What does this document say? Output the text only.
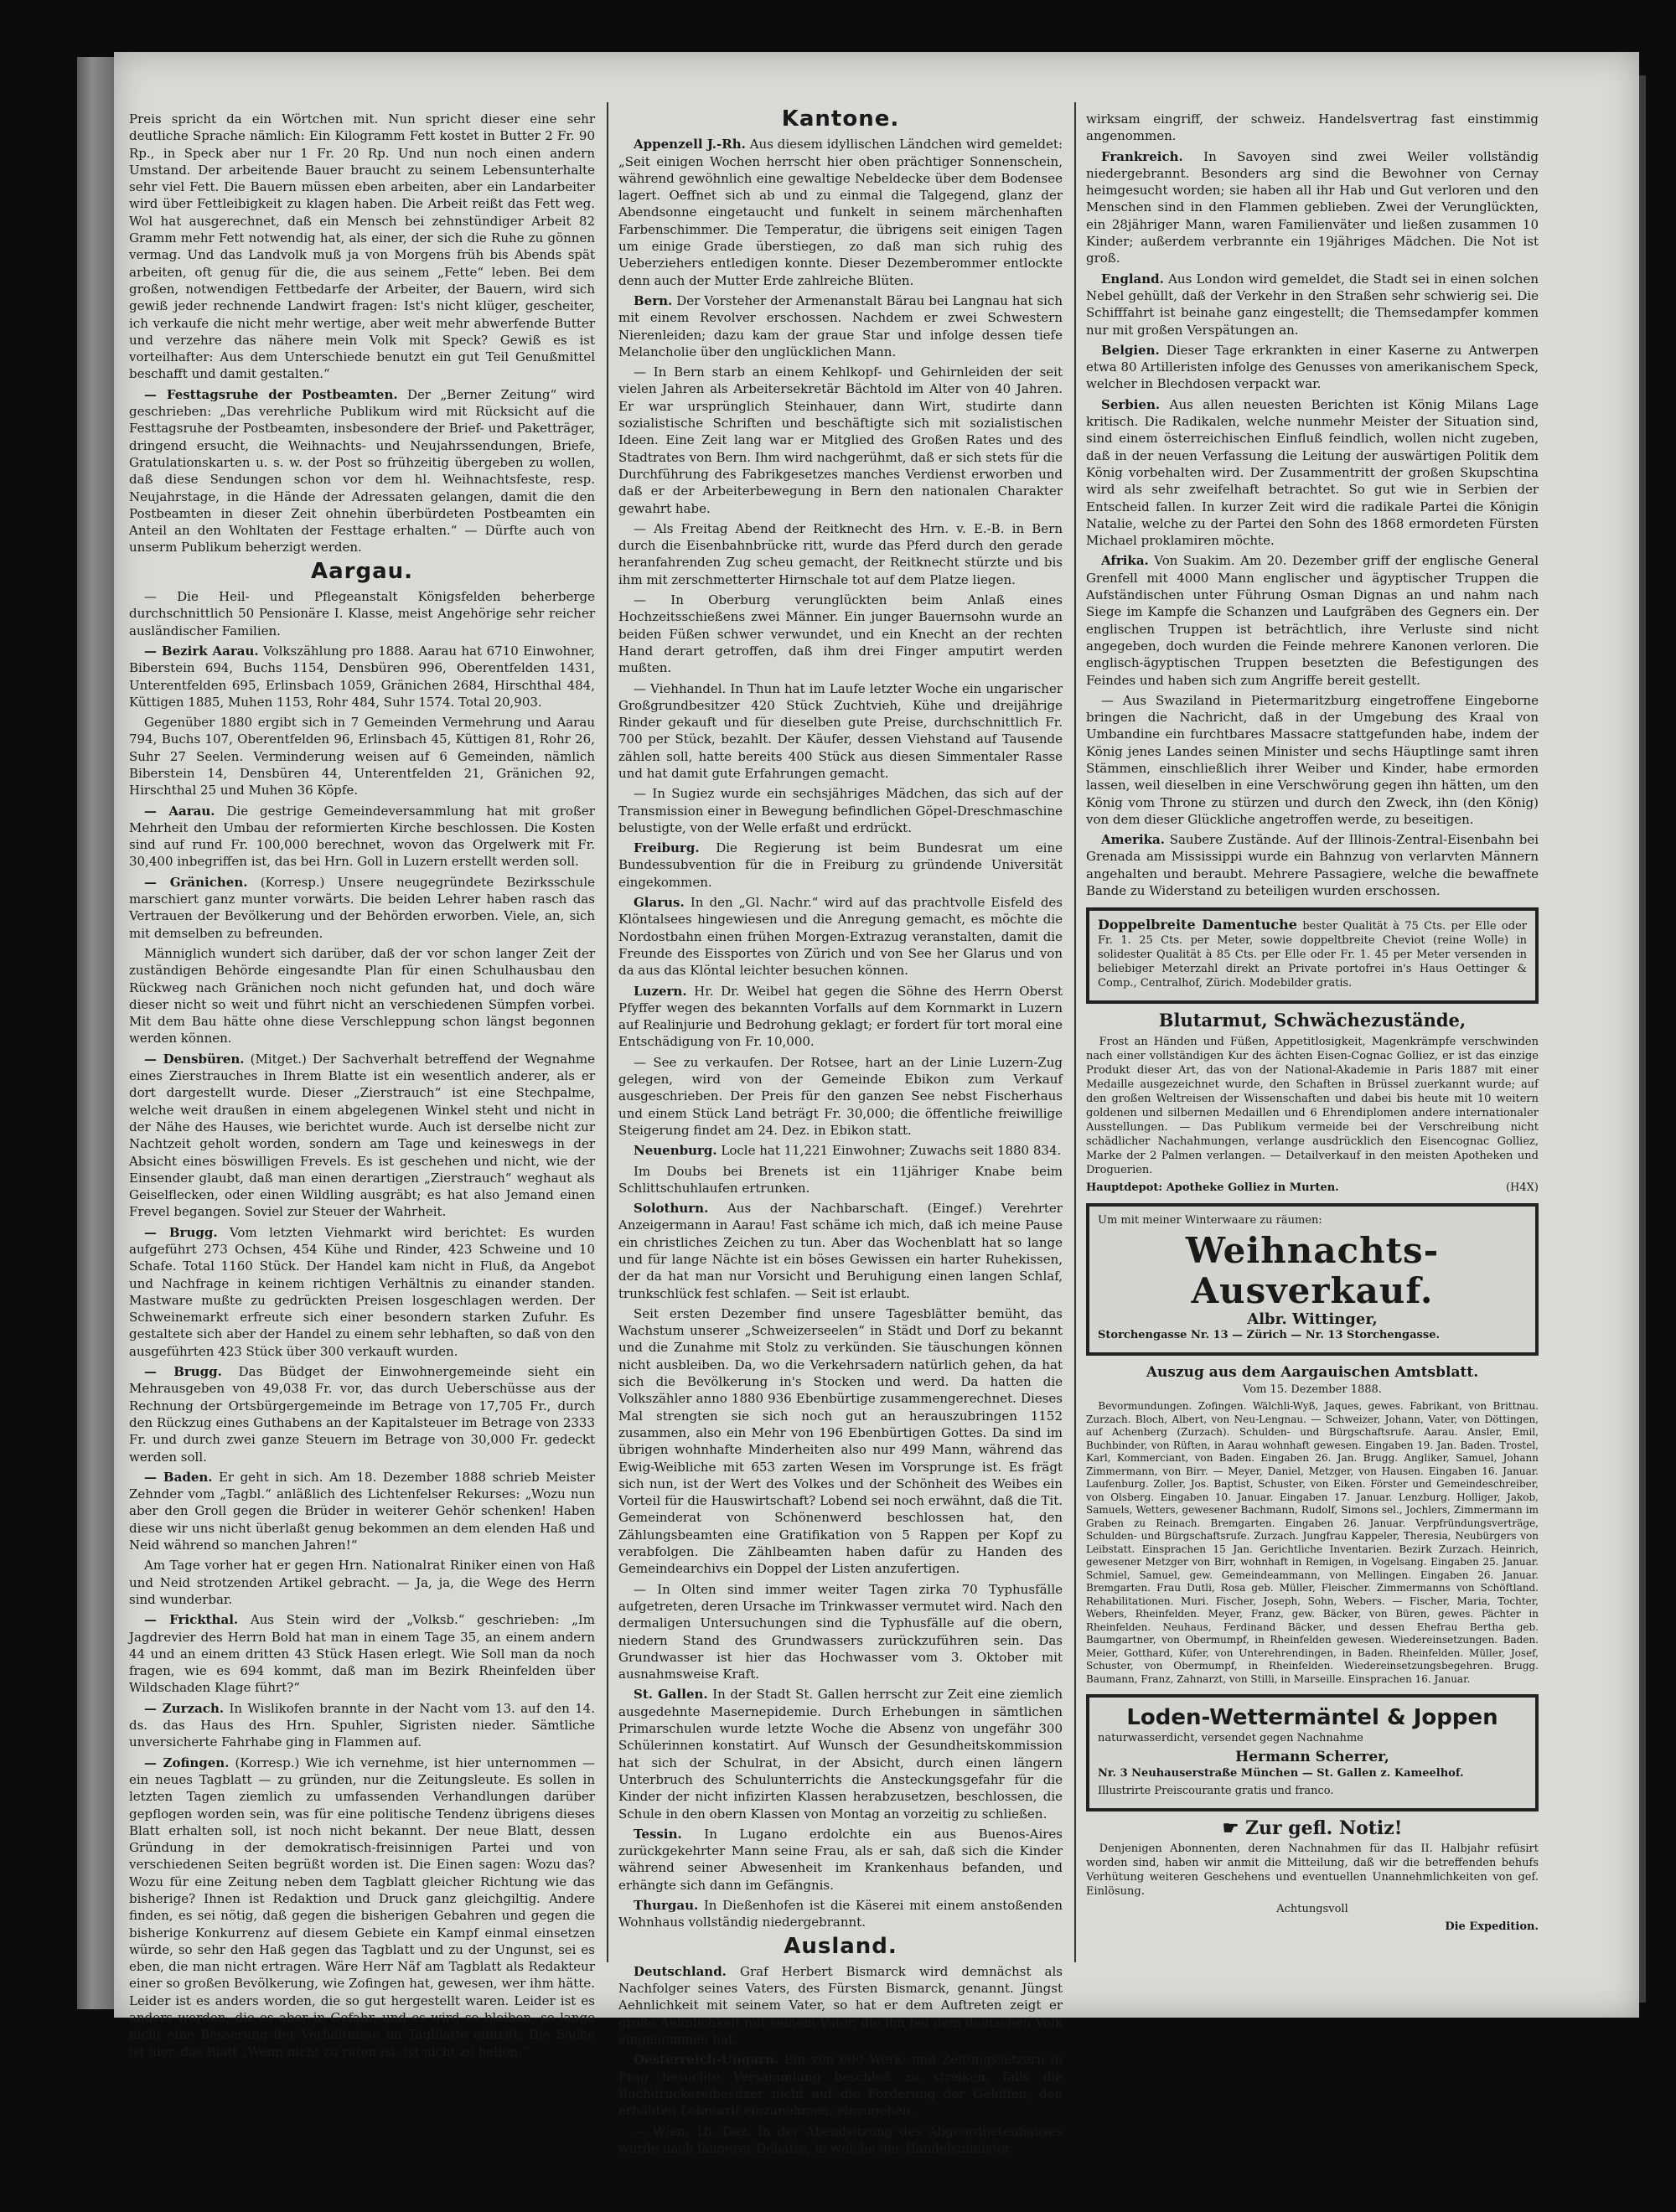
Preis spricht da ein Wörtchen mit. Nun spricht dieser eine sehr deutliche Sprache nämlich: Ein Kilogramm Fett kostet in Butter 2 Fr. 90 Rp., in Speck aber nur 1 Fr. 20 Rp. Und nun noch einen andern Umstand. Der arbeitende Bauer braucht zu seinem Lebensunterhalte sehr viel Fett. Die Bauern müssen eben arbeiten, aber ein Landarbeiter wird über Fettleibigkeit zu klagen haben. Die Arbeit reißt das Fett weg. Wol hat ausgerechnet, daß ein Mensch bei zehnstündiger Arbeit 82 Gramm mehr Fett notwendig hat, als einer, der sich die Ruhe zu gönnen vermag. Und das Landvolk muß ja von Morgens früh bis Abends spät arbeiten, oft genug für die, die aus seinem „Fette“ leben. Bei dem großen, notwendigen Fettbedarfe der Arbeiter, der Bauern, wird sich gewiß jeder rechnende Landwirt fragen: Ist's nicht klüger, gescheiter, ich verkaufe die nicht mehr wertige, aber weit mehr abwerfende Butter und verzehre das nähere mein Volk mit Speck? Gewiß es ist vorteilhafter: Aus dem Unterschiede benutzt ein gut Teil Genußmittel beschafft und damit gestalten.“

— Festtagsruhe der Postbeamten. Der „Berner Zeitung“ wird geschrieben: „Das verehrliche Publikum wird mit Rücksicht auf die Festtagsruhe der Postbeamten, insbesondere der Brief- und Paketträger, dringend ersucht, die Weihnachts- und Neujahrssendungen, Briefe, Gratulationskarten u. s. w. der Post so frühzeitig übergeben zu wollen, daß diese Sendungen schon vor dem hl. Weihnachtsfeste, resp. Neujahrstage, in die Hände der Adressaten gelangen, damit die den Postbeamten in dieser Zeit ohnehin überbürdeten Postbeamten ein Anteil an den Wohltaten der Festtage erhalten.“ — Dürfte auch von unserm Publikum beherzigt werden.

Aargau.

— Die Heil- und Pflegeanstalt Königsfelden beherberge durchschnittlich 50 Pensionäre I. Klasse, meist Angehörige sehr reicher ausländischer Familien.

— Bezirk Aarau. Volkszählung pro 1888. Aarau hat 6710 Einwohner, Biberstein 694, Buchs 1154, Densbüren 996, Oberentfelden 1431, Unterentfelden 695, Erlinsbach 1059, Gränichen 2684, Hirschthal 484, Küttigen 1885, Muhen 1153, Rohr 484, Suhr 1574. Total 20,903.

Gegenüber 1880 ergibt sich in 7 Gemeinden Vermehrung und Aarau 794, Buchs 107, Oberentfelden 96, Erlinsbach 45, Küttigen 81, Rohr 26, Suhr 27 Seelen. Verminderung weisen auf 6 Gemeinden, nämlich Biberstein 14, Densbüren 44, Unterentfelden 21, Gränichen 92, Hirschthal 25 und Muhen 36 Köpfe.

— Aarau. Die gestrige Gemeindeversammlung hat mit großer Mehrheit den Umbau der reformierten Kirche beschlossen. Die Kosten sind auf rund Fr. 100,000 berechnet, wovon das Orgelwerk mit Fr. 30,400 inbegriffen ist, das bei Hrn. Goll in Luzern erstellt werden soll.

— Gränichen. (Korresp.) Unsere neugegründete Bezirksschule marschiert ganz munter vorwärts. Die beiden Lehrer haben rasch das Vertrauen der Bevölkerung und der Behörden erworben. Viele, an, sich mit demselben zu befreunden.

Männiglich wundert sich darüber, daß der vor schon langer Zeit der zuständigen Behörde eingesandte Plan für einen Schulhausbau den Rückweg nach Gränichen noch nicht gefunden hat, und doch wäre dieser nicht so weit und führt nicht an verschiedenen Sümpfen vorbei. Mit dem Bau hätte ohne diese Verschleppung schon längst begonnen werden können.

— Densbüren. (Mitget.) Der Sachverhalt betreffend der Wegnahme eines Zierstrauches in Ihrem Blatte ist ein wesentlich anderer, als er dort dargestellt wurde. Dieser „Zierstrauch“ ist eine Stechpalme, welche weit draußen in einem abgelegenen Winkel steht und nicht in der Nähe des Hauses, wie berichtet wurde. Auch ist derselbe nicht zur Nachtzeit geholt worden, sondern am Tage und keineswegs in der Absicht eines böswilligen Frevels. Es ist geschehen und nicht, wie der Einsender glaubt, daß man einen derartigen „Zierstrauch“ weghaut als Geiselflecken, oder einen Wildling ausgräbt; es hat also Jemand einen Frevel begangen. Soviel zur Steuer der Wahrheit.

— Brugg. Vom letzten Viehmarkt wird berichtet: Es wurden aufgeführt 273 Ochsen, 454 Kühe und Rinder, 423 Schweine und 10 Schafe. Total 1160 Stück. Der Handel kam nicht in Fluß, da Angebot und Nachfrage in keinem richtigen Verhältnis zu einander standen. Mastware mußte zu gedrückten Preisen losgeschlagen werden. Der Schweinemarkt erfreute sich einer besondern starken Zufuhr. Es gestaltete sich aber der Handel zu einem sehr lebhaften, so daß von den ausgeführten 423 Stück über 300 verkauft wurden.

— Brugg. Das Büdget der Einwohnergemeinde sieht ein Mehrausgeben von 49,038 Fr. vor, das durch Ueberschüsse aus der Rechnung der Ortsbürgergemeinde im Betrage von 17,705 Fr., durch den Rückzug eines Guthabens an der Kapitalsteuer im Betrage von 2333 Fr. und durch zwei ganze Steuern im Betrage von 30,000 Fr. gedeckt werden soll.

— Baden. Er geht in sich. Am 18. Dezember 1888 schrieb Meister Zehnder vom „Tagbl.“ anläßlich des Lichtenfelser Rekurses: „Wozu nun aber den Groll gegen die Brüder in weiterer Gehör schenken! Haben diese wir uns nicht überlaßt genug bekommen an dem elenden Haß und Neid während so manchen Jahren!“

Am Tage vorher hat er gegen Hrn. Nationalrat Riniker einen von Haß und Neid strotzenden Artikel gebracht. — Ja, ja, die Wege des Herrn sind wunderbar.

— Frickthal. Aus Stein wird der „Volksb.“ geschrieben: „Im Jagdrevier des Herrn Bold hat man in einem Tage 35, an einem andern 44 und an einem dritten 43 Stück Hasen erlegt. Wie Soll man da noch fragen, wie es 694 kommt, daß man im Bezirk Rheinfelden über Wildschaden Klage führt?“

— Zurzach. In Wislikofen brannte in der Nacht vom 13. auf den 14. ds. das Haus des Hrn. Spuhler, Sigristen nieder. Sämtliche unversicherte Fahrhabe ging in Flammen auf.

— Zofingen. (Korresp.) Wie ich vernehme, ist hier unternommen — ein neues Tagblatt — zu gründen, nur die Zeitungsleute. Es sollen in letzten Tagen ziemlich zu umfassenden Verhandlungen darüber gepflogen worden sein, was für eine politische Tendenz übrigens dieses Blatt erhalten soll, ist noch nicht bekannt. Der neue Blatt, dessen Gründung in der demokratisch-freisinnigen Partei und von verschiedenen Seiten begrüßt worden ist. Die Einen sagen: Wozu das? Wozu für eine Zeitung neben dem Tagblatt gleicher Richtung wie das bisherige? Ihnen ist Redaktion und Druck ganz gleichgiltig. Andere finden, es sei nötig, daß gegen die bisherigen Gebahren und gegen die bisherige Konkurrenz auf diesem Gebiete ein Kampf einmal einsetzen würde, so sehr den Haß gegen das Tagblatt und zu der Ungunst, sei es eben, die man nicht ertragen. Wäre Herr Näf am Tagblatt als Redakteur einer so großen Bevölkerung, wie Zofingen hat, gewesen, wer ihm hätte. Leider ist es anders worden, die so gut hergestellt waren. Leider ist es anders worden, die es aber in Gefahr, und es wird so bleiben, so lange nicht eine Besserung der Verhältnisse im Tagblatte eintritt. Die Sache ist hier, das Blatt „Wenn nicht zu raten ist, ist nicht zu helfen.“

Kantone.

Appenzell J.-Rh. Aus diesem idyllischen Ländchen wird gemeldet: „Seit einigen Wochen herrscht hier oben prächtiger Sonnenschein, während gewöhnlich eine gewaltige Nebeldecke über dem Bodensee lagert. Oeffnet sich ab und zu einmal die Talgegend, glanz der Abendsonne eingetaucht und funkelt in seinem märchenhaften Farbenschimmer. Die Temperatur, die übrigens seit einigen Tagen um einige Grade überstiegen, zo daß man sich ruhig des Ueberziehers entledigen konnte. Dieser Dezemberommer entlockte denn auch der Mutter Erde zahlreiche Blüten.

Bern. Der Vorsteher der Armenanstalt Bärau bei Langnau hat sich mit einem Revolver erschossen. Nachdem er zwei Schwestern Nierenleiden; dazu kam der graue Star und infolge dessen tiefe Melancholie über den unglücklichen Mann.

— In Bern starb an einem Kehlkopf- und Gehirnleiden der seit vielen Jahren als Arbeitersekretär Bächtold im Alter von 40 Jahren. Er war ursprünglich Steinhauer, dann Wirt, studirte dann sozialistische Schriften und beschäftigte sich mit sozialistischen Ideen. Eine Zeit lang war er Mitglied des Großen Rates und des Stadtrates von Bern. Ihm wird nachgerühmt, daß er sich stets für die Durchführung des Fabrikgesetzes manches Verdienst erworben und daß er der Arbeiterbewegung in Bern den nationalen Charakter gewahrt habe.

— Als Freitag Abend der Reitknecht des Hrn. v. E.-B. in Bern durch die Eisenbahnbrücke ritt, wurde das Pferd durch den gerade heranfahrenden Zug scheu gemacht, der Reitknecht stürzte und bis ihm mit zerschmetterter Hirnschale tot auf dem Platze liegen.

— In Oberburg verunglückten beim Anlaß eines Hochzeitsschießens zwei Männer. Ein junger Bauernsohn wurde an beiden Füßen schwer verwundet, und ein Knecht an der rechten Hand derart getroffen, daß ihm drei Finger amputirt werden mußten.

— Viehhandel. In Thun hat im Laufe letzter Woche ein ungarischer Großgrundbesitzer 420 Stück Zuchtvieh, Kühe und dreijährige Rinder gekauft und für dieselben gute Preise, durchschnittlich Fr. 700 per Stück, bezahlt. Der Käufer, dessen Viehstand auf Tausende zählen soll, hatte bereits 400 Stück aus diesen Simmentaler Rasse und hat damit gute Erfahrungen gemacht.

— In Sugiez wurde ein sechsjähriges Mädchen, das sich auf der Transmission einer in Bewegung befindlichen Göpel-Dreschmaschine belustigte, von der Welle erfaßt und erdrückt.

Freiburg. Die Regierung ist beim Bundesrat um eine Bundessubvention für die in Freiburg zu gründende Universität eingekommen.

Glarus. In den „Gl. Nachr.“ wird auf das prachtvolle Eisfeld des Klöntalsees hingewiesen und die Anregung gemacht, es möchte die Nordostbahn einen frühen Morgen-Extrazug veranstalten, damit die Freunde des Eissportes von Zürich und von See her Glarus und von da aus das Klöntal leichter besuchen können.

Luzern. Hr. Dr. Weibel hat gegen die Söhne des Herrn Oberst Pfyffer wegen des bekannten Vorfalls auf dem Kornmarkt in Luzern auf Realinjurie und Bedrohung geklagt; er fordert für tort moral eine Entschädigung von Fr. 10,000.

— See zu verkaufen. Der Rotsee, hart an der Linie Luzern-Zug gelegen, wird von der Gemeinde Ebikon zum Verkauf ausgeschrieben. Der Preis für den ganzen See nebst Fischerhaus und einem Stück Land beträgt Fr. 30,000; die öffentliche freiwillige Steigerung findet am 24. Dez. in Ebikon statt.

Neuenburg. Locle hat 11,221 Einwohner; Zuwachs seit 1880 834.

Im Doubs bei Brenets ist ein 11jähriger Knabe beim Schlittschuhlaufen ertrunken.

Solothurn. Aus der Nachbarschaft. (Eingef.) Verehrter Anzeigermann in Aarau! Fast schäme ich mich, daß ich meine Pause ein christliches Zeichen zu tun. Aber das Wochenblatt hat so lange und für lange Nächte ist ein böses Gewissen ein harter Ruhekissen, der da hat man nur Vorsicht und Beruhigung einen langen Schlaf, trunkschlück fest schlafen. — Seit ist erlaubt.

Seit ersten Dezember find unsere Tagesblätter bemüht, das Wachstum unserer „Schweizerseelen“ in Städt und Dorf zu bekannt und die Zunahme mit Stolz zu verkünden. Sie täuschungen können nicht ausbleiben. Da, wo die Verkehrsadern natürlich gehen, da hat sich die Bevölkerung in's Stocken und werd. Da hatten die Volkszähler anno 1880 936 Ebenbürtige zusammengerechnet. Dieses Mal strengten sie sich noch gut an herauszubringen 1152 zusammen, also ein Mehr von 196 Ebenbürtigen Gottes. Da sind im übrigen wohnhafte Minderheiten also nur 499 Mann, während das Ewig-Weibliche mit 653 zarten Wesen im Vorsprunge ist. Es frägt sich nun, ist der Wert des Volkes und der Schönheit des Weibes ein Vorteil für die Hauswirtschaft? Lobend sei noch erwähnt, daß die Tit. Gemeinderat von Schönenwerd beschlossen hat, den Zählungsbeamten eine Gratifikation von 5 Rappen per Kopf zu verabfolgen. Die Zählbeamten haben dafür zu Handen des Gemeindearchivs ein Doppel der Listen anzufertigen.

— In Olten sind immer weiter Tagen zirka 70 Typhusfälle aufgetreten, deren Ursache im Trinkwasser vermutet wird. Nach den dermaligen Untersuchungen sind die Typhusfälle auf die obern, niedern Stand des Grundwassers zurückzuführen sein. Das Grundwasser ist hier das Hochwasser vom 3. Oktober mit ausnahmsweise Kraft.

St. Gallen. In der Stadt St. Gallen herrscht zur Zeit eine ziemlich ausgedehnte Masernepidemie. Durch Erhebungen in sämtlichen Primarschulen wurde letzte Woche die Absenz von ungefähr 300 Schülerinnen konstatirt. Auf Wunsch der Gesundheitskommission hat sich der Schulrat, in der Absicht, durch einen längern Unterbruch des Schulunterrichts die Ansteckungsgefahr für die Kinder der nicht infizirten Klassen herabzusetzen, beschlossen, die Schule in den obern Klassen von Montag an vorzeitig zu schließen.

Tessin. In Lugano erdolchte ein aus Buenos-Aires zurückgekehrter Mann seine Frau, als er sah, daß sich die Kinder während seiner Abwesenheit im Krankenhaus befanden, und erhängte sich dann im Gefängnis.

Thurgau. In Dießenhofen ist die Käserei mit einem anstoßenden Wohnhaus vollständig niedergebrannt.

Ausland.

Deutschland. Graf Herbert Bismarck wird demnächst als Nachfolger seines Vaters, des Fürsten Bismarck, genannt. Jüngst Aehnlichkeit mit seinem Vater, so hat er dem Auftreten zeigt er große Aehnlichkeit mit seinem Vater, die ihn bei dem deutschen Volk eingenommen hat.

Oesterreich-Ungarn. Ein von 600 Werk- und Zeitungssetzern in Prag besuchte Versammlung beschloß zu streiken, falls die Buchdruckereibesitzer nicht auf die Forderung der Gehilfen, den erhöhten Lohntarif einzunehmen, einzugehen.

— Wien, 18. Dez. In der Abendsitzung des Abgeordnetenhauses wurde nach längerer Debatte, in welche der Handelsminister

wirksam eingriff, der schweiz. Handelsvertrag fast einstimmig angenommen.

Frankreich. In Savoyen sind zwei Weiler vollständig niedergebrannt. Besonders arg sind die Bewohner von Cernay heimgesucht worden; sie haben all ihr Hab und Gut verloren und den Menschen sind in den Flammen geblieben. Zwei der Verunglückten, ein 28jähriger Mann, waren Familienväter und ließen zusammen 10 Kinder; außerdem verbrannte ein 19jähriges Mädchen. Die Not ist groß.

England. Aus London wird gemeldet, die Stadt sei in einen solchen Nebel gehüllt, daß der Verkehr in den Straßen sehr schwierig sei. Die Schifffahrt ist beinahe ganz eingestellt; die Themsedampfer kommen nur mit großen Verspätungen an.

Belgien. Dieser Tage erkrankten in einer Kaserne zu Antwerpen etwa 80 Artilleristen infolge des Genusses von amerikanischem Speck, welcher in Blechdosen verpackt war.

Serbien. Aus allen neuesten Berichten ist König Milans Lage kritisch. Die Radikalen, welche nunmehr Meister der Situation sind, sind einem österreichischen Einfluß feindlich, wollen nicht zugeben, daß in der neuen Verfassung die Leitung der auswärtigen Politik dem König vorbehalten wird. Der Zusammentritt der großen Skupschtina wird als sehr zweifelhaft betrachtet. So gut wie in Serbien der Entscheid fallen. In kurzer Zeit wird die radikale Partei die Königin Natalie, welche zu der Partei den Sohn des 1868 ermordeten Fürsten Michael proklamiren möchte.

Afrika. Von Suakim. Am 20. Dezember griff der englische General Grenfell mit 4000 Mann englischer und ägyptischer Truppen die Aufständischen unter Führung Osman Dignas an und nahm nach Siege im Kampfe die Schanzen und Laufgräben des Gegners ein. Der englischen Truppen ist beträchtlich, ihre Verluste sind nicht angegeben, doch wurden die Feinde mehrere Kanonen verloren. Die englisch-ägyptischen Truppen besetzten die Befestigungen des Feindes und haben sich zum Angriffe bereit gestellt.

— Aus Swaziland in Pietermaritzburg eingetroffene Eingeborne bringen die Nachricht, daß in der Umgebung des Kraal von Umbandine ein furchtbares Massacre stattgefunden habe, indem der König jenes Landes seinen Minister und sechs Häuptlinge samt ihren Stämmen, einschließlich ihrer Weiber und Kinder, habe ermorden lassen, weil dieselben in eine Verschwörung gegen ihn hätten, um den König vom Throne zu stürzen und durch den Zweck, ihn (den König) von dem dieser Glückliche angetroffen werde, zu beseitigen.

Amerika. Saubere Zustände. Auf der Illinois-Zentral-Eisenbahn bei Grenada am Mississippi wurde ein Bahnzug von verlarvten Männern angehalten und beraubt. Mehrere Passagiere, welche die bewaffnete Bande zu Widerstand zu beteiligen wurden erschossen.

Doppelbreite Damentuche bester Qualität à 75 Cts. per Elle oder Fr. 1. 25 Cts. per Meter, sowie doppeltbreite Cheviot (reine Wolle) in solidester Qualität à 85 Cts. per Elle oder Fr. 1. 45 per Meter versenden in beliebiger Meterzahl direkt an Private portofrei in's Haus Oettinger & Comp., Centralhof, Zürich. Modebilder gratis.

Blutarmut, Schwächezustände,

Frost an Händen und Füßen, Appetitlosigkeit, Magenkrämpfe verschwinden nach einer vollständigen Kur des ächten Eisen-Cognac Golliez, er ist das einzige Produkt dieser Art, das von der National-Akademie in Paris 1887 mit einer Medaille ausgezeichnet wurde, den Schaften in Brüssel zuerkannt wurde; auf den großen Weltreisen der Wissenschaften und dabei bis heute mit 10 weitern goldenen und silbernen Medaillen und 6 Ehrendiplomen andere internationaler Ausstellungen. — Das Publikum vermeide bei der Verschreibung nicht schädlicher Nachahmungen, verlange ausdrücklich den Eisencognac Golliez, Marke der 2 Palmen verlangen. — Detailverkauf in den meisten Apotheken und Droguerien.

Hauptdepot: Apotheke Golliez in Murten.	(H4X)

Um mit meiner Winterwaare zu räumen:

Weihnachts-Ausverkauf.
Albr. Wittinger,

Storchengasse Nr. 13 — Zürich — Nr. 13 Storchengasse.

Auszug aus dem Aargauischen Amtsblatt.

Vom 15. Dezember 1888.

Bevormundungen. Zofingen. Wälchli-Wyß, Jaques, gewes. Fabrikant, von Brittnau. Zurzach. Bloch, Albert, von Neu-Lengnau. — Schweizer, Johann, Vater, von Döttingen, auf Achenberg (Zurzach). Schulden- und Bürgschaftsrufe. Aarau. Ansler, Emil, Buchbinder, von Rüften, in Aarau wohnhaft gewesen. Eingaben 19. Jan. Baden. Trostel, Karl, Kommerciant, von Baden. Eingaben 26. Jan. Brugg. Angliker, Samuel, Johann Zimmermann, von Birr. — Meyer, Daniel, Metzger, von Hausen. Eingaben 16. Januar. Laufenburg. Zoller, Jos. Baptist, Schuster, von Eiken. Förster und Gemeindeschreiber, von Olsberg. Eingaben 10. Januar. Eingaben 17. Januar. Lenzburg. Holliger, Jakob, Samuels, Wetters, gewesener Bachmann, Rudolf, Simons sel., Jochlers, Zimmermann im Graben zu Reinach. Bremgarten. Eingaben 26. Januar. Verpfründungsverträge, Schulden- und Bürgschaftsrufe. Zurzach. Jungfrau Kappeler, Theresia, Neubürgers von Leibstatt. Einsprachen 15 Jan. Gerichtliche Inventarien. Bezirk Zurzach. Heinrich, gewesener Metzger von Birr, wohnhaft in Remigen, in Vogelsang. Eingaben 25. Januar. Schmiel, Samuel, gew. Gemeindeammann, von Mellingen. Eingaben 26. Januar. Bremgarten. Frau Dutli, Rosa geb. Müller, Fleischer. Zimmermanns von Schöftland. Rehabilitationen. Muri. Fischer, Joseph, Sohn, Webers. — Fischer, Maria, Tochter, Webers, Rheinfelden. Meyer, Franz, gew. Bäcker, von Büren, gewes. Pächter in Rheinfelden. Neuhaus, Ferdinand Bäcker, und dessen Ehefrau Bertha geb. Baumgartner, von Obermumpf, in Rheinfelden gewesen. Wiedereinsetzungen. Baden. Meier, Gotthard, Küfer, von Unterehrendingen, in Baden. Rheinfelden. Müller, Josef, Schuster, von Obermumpf, in Rheinfelden. Wiedereinsetzungsbegehren. Brugg. Baumann, Franz, Zahnarzt, von Stilli, in Marseille. Einsprachen 16. Januar.

Loden-Wettermäntel & Joppen

naturwasserdicht, versendet gegen Nachnahme

Hermann Scherrer,

Nr. 3 Neuhauserstraße München — St. Gallen z. Kameelhof.

Illustrirte Preiscourante gratis und franco.

☛ Zur gefl. Notiz!

Denjenigen Abonnenten, deren Nachnahmen für das II. Halbjahr refüsirt worden sind, haben wir anmit die Mitteilung, daß wir die betreffenden behufs Verhütung weiteren Geschehens und eventuellen Unannehmlichkeiten von gef. Einlösung.

Achtungsvoll

Die Expedition.
